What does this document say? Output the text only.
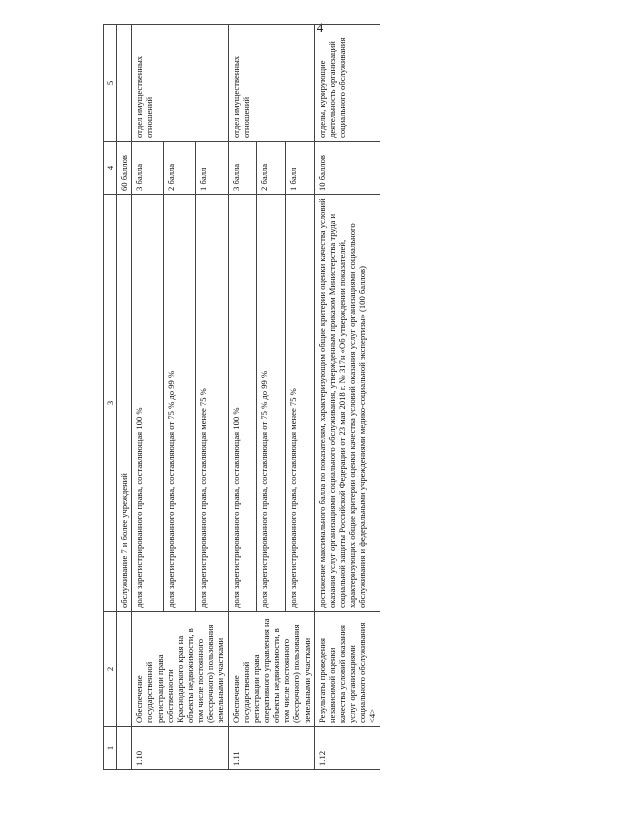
4
1	2	3	4	5
		обслуживание 7 и более учреждений	60 баллов	
1.10	Обеспечение государственной регистрации права собственности Краснодарского края на объекты недвижимости, в том числе постоянного (бессрочного) пользования земельными участками	доля зарегистрированного права, составляющая 100 %	3 балла	отдел имущественных отношений
		доля зарегистрированного права, составляющая от 75 % до 99 %	2 балла	
		доля зарегистрированного права, составляющая менее 75 %	1 балл	
1.11	Обеспечение государственной регистрации права оперативного управления на объекты недвижимости, в том числе постоянного (бессрочного) пользования земельными участками	доля зарегистрированного права, составляющая 100 %	3 балла	отдел имущественных отношений
		доля зарегистрированного права, составляющая от 75 % до 99 %	2 балла	
		доля зарегистрированного права, составляющая менее 75 %	1 балл	
1.12	Результаты проведения независимой оценки качества условий оказания услуг организациями социального обслуживания <4>	достижение максимального балла по показателям, характеризующим общие критерии оценки качества условий оказания услуг организациями социального обслуживания, утвержденным приказом Министерства труда и социальной защиты Российской Федерации от 23 мая 2018 г. № 317н «Об утверждении показателей, характеризующих общие критерии оценки качества условий оказания услуг организациями социального обслуживания и федеральными учреждениями медико-социальной экспертизы» (100 баллов)	10 баллов	отделы, курирующие деятельность организаций социального обслуживания
